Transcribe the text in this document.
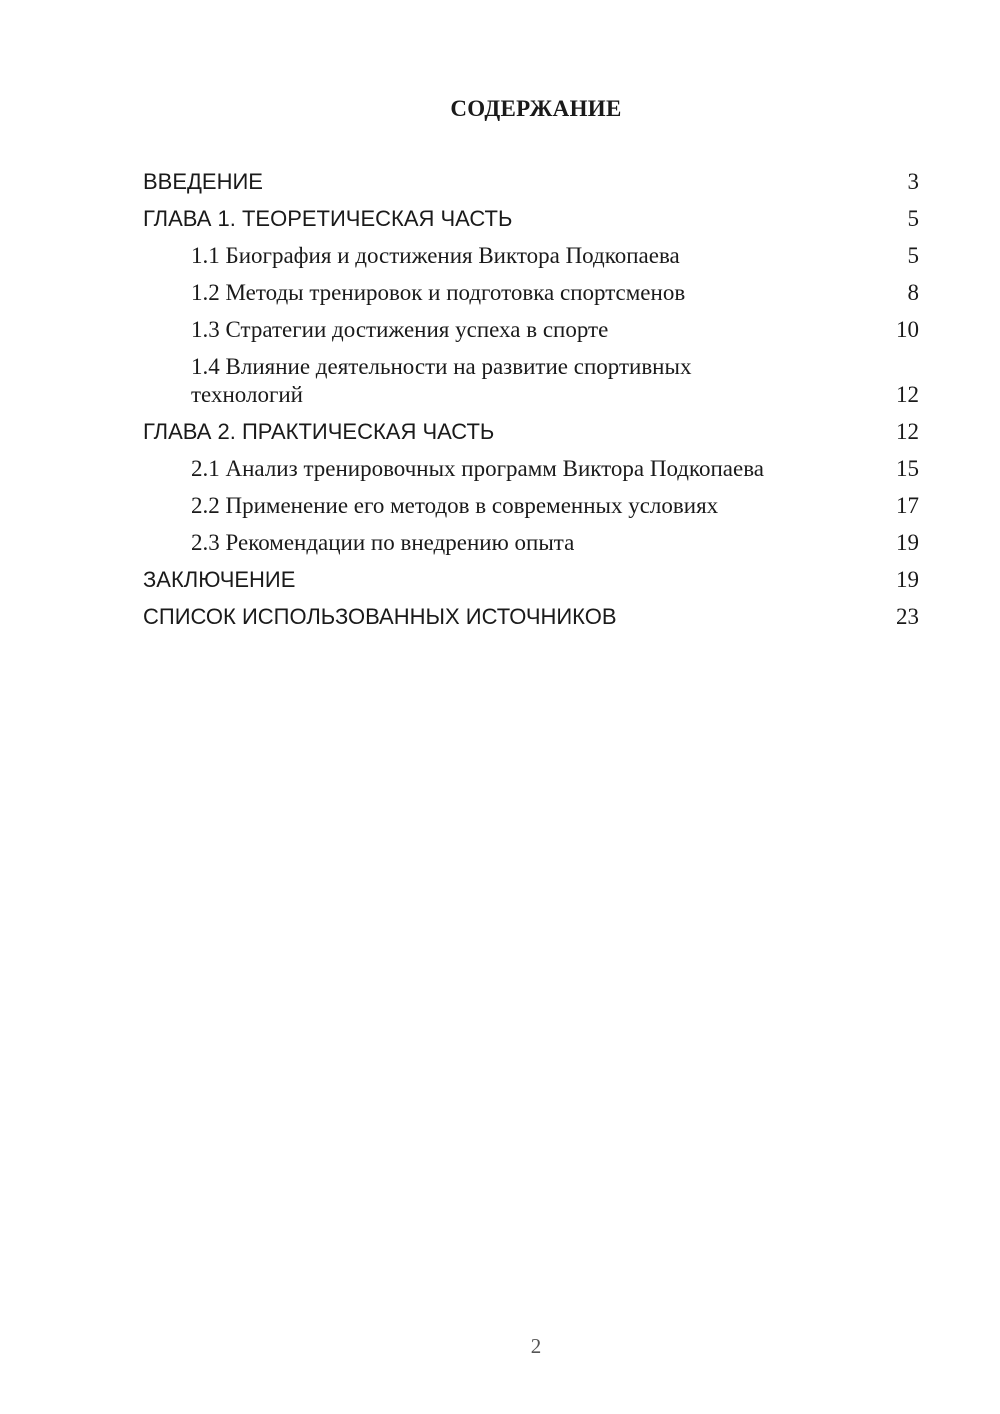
СОДЕРЖАНИЕ
ВВЕДЕНИЕ	3
ГЛАВА 1. ТЕОРЕТИЧЕСКАЯ ЧАСТЬ	5
1.1 Биография и достижения Виктора Подкопаева	5
1.2 Методы тренировок и подготовка спортсменов	8
1.3 Стратегии достижения успеха в спорте	10
1.4 Влияние деятельности на развитие спортивных технологий	12
ГЛАВА 2. ПРАКТИЧЕСКАЯ ЧАСТЬ	12
2.1 Анализ тренировочных программ Виктора Подкопаева	15
2.2 Применение его методов в современных условиях	17
2.3 Рекомендации по внедрению опыта	19
ЗАКЛЮЧЕНИЕ	19
СПИСОК ИСПОЛЬЗОВАННЫХ ИСТОЧНИКОВ	23
2
